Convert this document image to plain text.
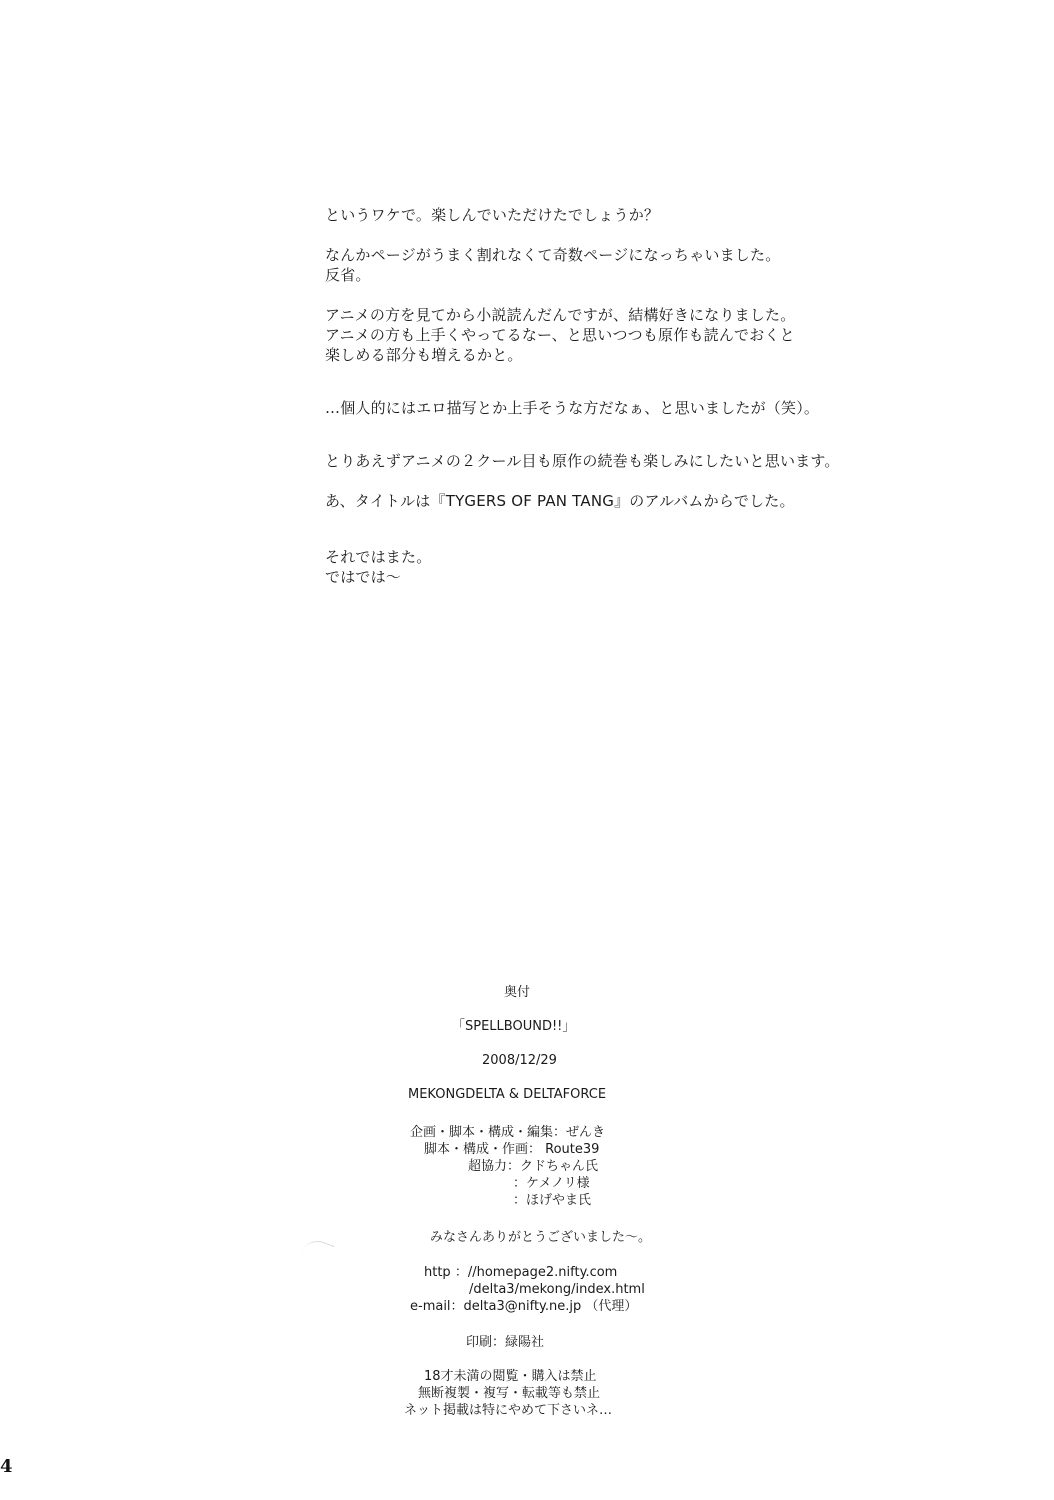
というワケで。楽しんでいただけたでしょうか？

なんかページがうまく割れなくて奇数ページになっちゃいました。

反省。

アニメの方を見てから小説読んだんですが、結構好きになりました。

アニメの方も上手くやってるなー、と思いつつも原作も読んでおくと

楽しめる部分も増えるかと。

…個人的にはエロ描写とか上手そうな方だなぁ、と思いましたが（笑）。

とりあえずアニメの２クール目も原作の続巻も楽しみにしたいと思います。

あ、タイトルは『TYGERS OF PAN TANG』のアルバムからでした。

それではまた。

ではでは～

奥付
「SPELLBOUND!!」
2008/12/29
MEKONGDELTA & DELTAFORCE
企画・脚本・構成・編集：ぜんき
脚本・構成・作画： Route39
超協力：クドちゃん氏
：ケメノリ様
：ほげやま氏
みなさんありがとうございました～。
http ：//homepage2.nifty.com
/delta3/mekong/index.html
e-mail：delta3@nifty.ne.jp （代理）
印刷：緑陽社
18才未満の閲覧・購入は禁止
無断複製・複写・転載等も禁止
ネット掲載は特にやめて下さいネ…
4
